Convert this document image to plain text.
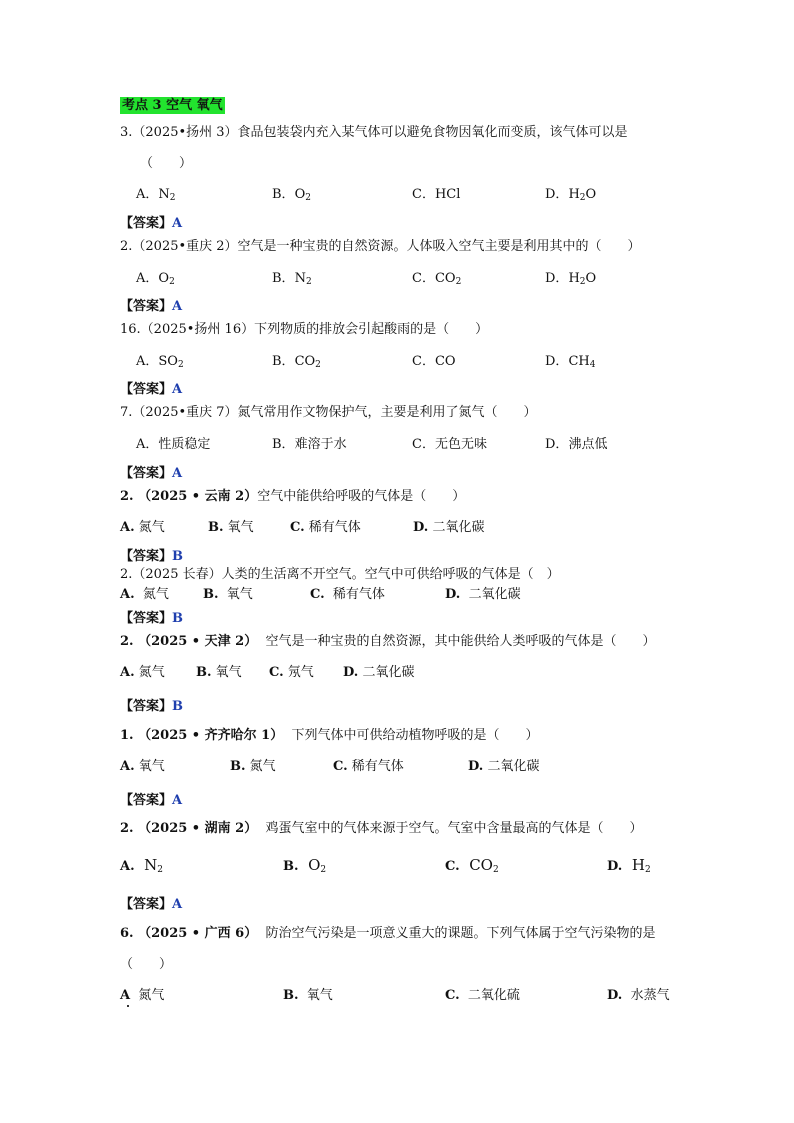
考点 3 空气 氧气
3.（2025•扬州 3）食品包装袋内充入某气体可以避免食物因氧化而变质，该气体可以是
（　　）
A．$N_2$	B．$O_2$	C．HCl	D．$H_2O$
【答案】A
2.（2025•重庆 2）空气是一种宝贵的自然资源。人体吸入空气主要是利用其中的（　　）
A．$O_2$	B．$N_2$	C．$CO_2$	D．$H_2O$
【答案】A
16.（2025•扬州 16）下列物质的排放会引起酸雨的是（　　）
A．$SO_2$	B．$CO_2$	C．CO	D．$CH_4$
【答案】A
7.（2025•重庆 7）氮气常用作文物保护气，主要是利用了氮气（　　）
A．性质稳定	B．难溶于水	C．无色无味	D．沸点低
【答案】A
2. （2025 • 云南 2）空气中能供给呼吸的气体是（　　）
A. 氮气	B. 氧气	C. 稀有气体	D. 二氧化碳
【答案】B
2.（2025 长春）人类的生活离不开空气。空气中可供给呼吸的气体是（　）
A. 氮气	B. 氧气	C. 稀有气体	D. 二氧化碳
【答案】B
2. （2025 • 天津 2） 空气是一种宝贵的自然资源，其中能供给人类呼吸的气体是（　　）
A. 氮气 B. 氧气 C. 氖气 D. 二氧化碳
【答案】B
1. （2025 • 齐齐哈尔 1） 下列气体中可供给动植物呼吸的是（　　）
A. 氧气	B. 氮气	C. 稀有气体	D. 二氧化碳
【答案】A
2. （2025 • 湖南 2） 鸡蛋气室中的气体来源于空气。气室中含量最高的气体是（　　）
A. $N_2$	B. $O_2$	C. $CO_2$	D. $H_2$
【答案】A
6. （2025 • 广西 6） 防治空气污染是一项意义重大的课题。下列气体属于空气污染物的是
（　　）
A 氮气	B. 氧气	C. 二氧化硫	D. 水蒸气
